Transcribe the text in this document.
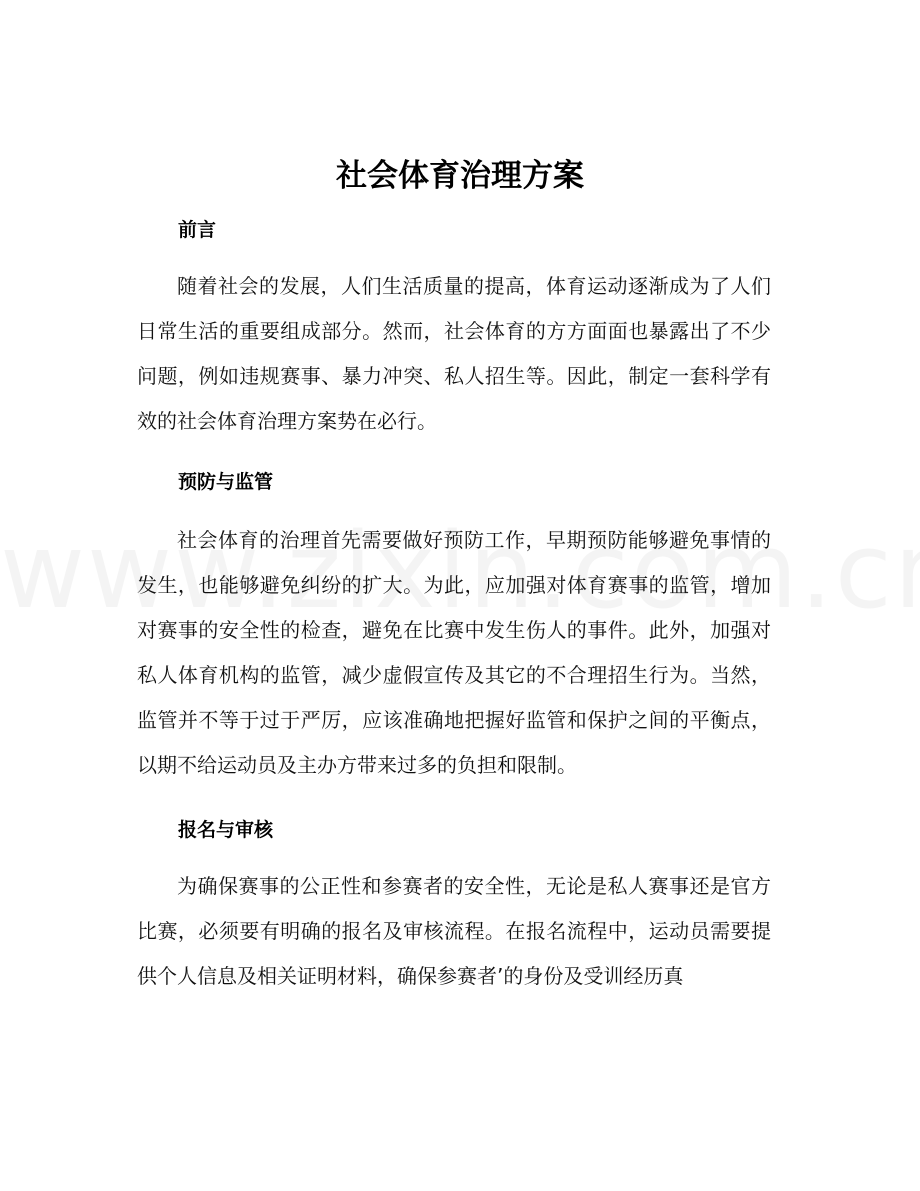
社会体育治理方案
前言

随着社会的发展，人们生活质量的提高，体育运动逐渐成为了人们日常生活的重要组成部分。然而，社会体育的方方面面也暴露出了不少问题，例如违规赛事、暴力冲突、私人招生等。因此，制定一套科学有效的社会体育治理方案势在必行。

预防与监管

社会体育的治理首先需要做好预防工作，早期预防能够避免事情的发生，也能够避免纠纷的扩大。为此，应加强对体育赛事的监管，增加对赛事的安全性的检查，避免在比赛中发生伤人的事件。此外，加强对私人体育机构的监管，减少虚假宣传及其它的不合理招生行为。当然，监管并不等于过于严厉，应该准确地把握好监管和保护之间的平衡点，以期不给运动员及主办方带来过多的负担和限制。

报名与审核

为确保赛事的公正性和参赛者的安全性，无论是私人赛事还是官方比赛，必须要有明确的报名及审核流程。在报名流程中，运动员需要提供个人信息及相关证明材料，确保参赛者’的身份及受训经历真
